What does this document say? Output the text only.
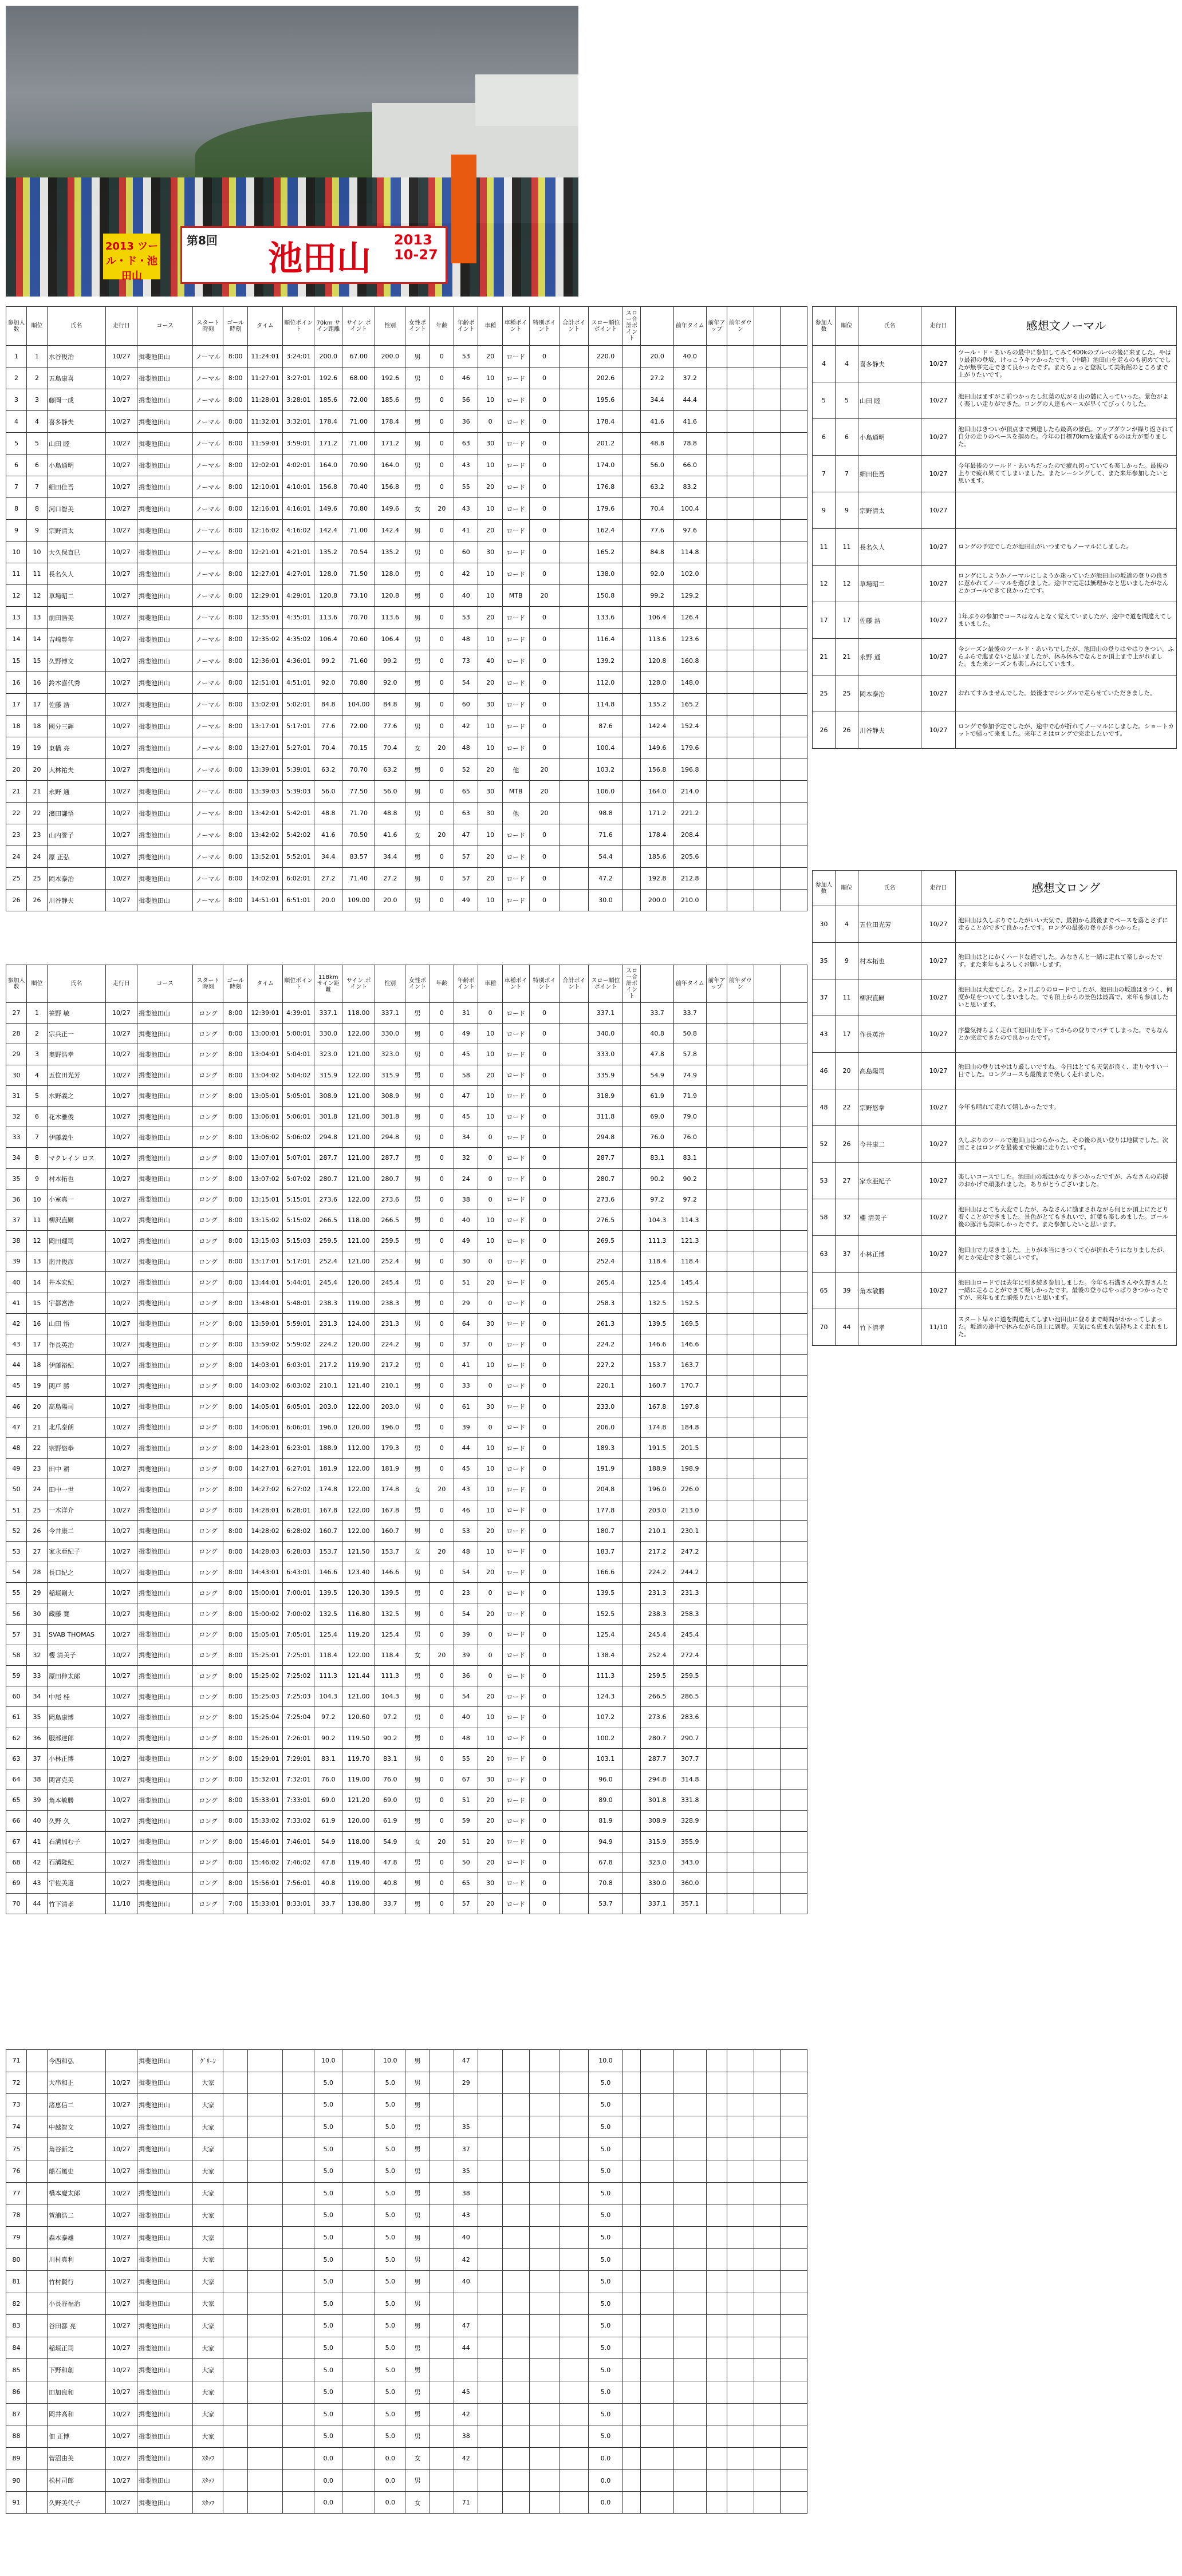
2013 ツール・ド・池田山
第8回 池田山 2013 10-27
参加人数	順位	氏名	走行日	コース	スタート時刻	ゴール時刻	タイム	順位ポイント	70km サイン距離	サイン ポイント	性別	女性ポイント	年齢	年齢ポイント	車種	車種ポイント	特別ポイント	合計ポイント	スロー順位ポイント	スロー合計ポイント		前年タイム	前年アップ	前年ダウン		
1	1	水谷俊治	10/27	揖斐池田山	ノーマル	8:00	11:24:01	3:24:01	200.0	67.00	200.0	男	0	53	20	ロード	0		220.0		20.0	40.0				
2	2	五島康喜	10/27	揖斐池田山	ノーマル	8:00	11:27:01	3:27:01	192.6	68.00	192.6	男	0	46	10	ロード	0		202.6		27.2	37.2				
3	3	藤岡一成	10/27	揖斐池田山	ノーマル	8:00	11:28:01	3:28:01	185.6	72.00	185.6	男	0	56	10	ロード	0		195.6		34.4	44.4				
4	4	喜多静夫	10/27	揖斐池田山	ノーマル	8:00	11:32:01	3:32:01	178.4	71.00	178.4	男	0	36	0	ロード	0		178.4		41.6	41.6				
5	5	山田 睦	10/27	揖斐池田山	ノーマル	8:00	11:59:01	3:59:01	171.2	71.00	171.2	男	0	63	30	ロード	0		201.2		48.8	78.8				
6	6	小島通明	10/27	揖斐池田山	ノーマル	8:00	12:02:01	4:02:01	164.0	70.90	164.0	男	0	43	10	ロード	0		174.0		56.0	66.0				
7	7	細田佳吾	10/27	揖斐池田山	ノーマル	8:00	12:10:01	4:10:01	156.8	70.40	156.8	男	0	55	20	ロード	0		176.8		63.2	83.2				
8	8	河口智美	10/27	揖斐池田山	ノーマル	8:00	12:16:01	4:16:01	149.6	70.80	149.6	女	20	43	10	ロード	0		179.6		70.4	100.4				
9	9	宗野清太	10/27	揖斐池田山	ノーマル	8:00	12:16:02	4:16:02	142.4	71.00	142.4	男	0	41	20	ロード	0		162.4		77.6	97.6				
10	10	大久保直巳	10/27	揖斐池田山	ノーマル	8:00	12:21:01	4:21:01	135.2	70.54	135.2	男	0	60	30	ロード	0		165.2		84.8	114.8				
11	11	長名久人	10/27	揖斐池田山	ノーマル	8:00	12:27:01	4:27:01	128.0	71.50	128.0	男	0	42	10	ロード	0		138.0		92.0	102.0				
12	12	草場昭二	10/27	揖斐池田山	ノーマル	8:00	12:29:01	4:29:01	120.8	73.10	120.8	男	0	40	10	MTB	20		150.8		99.2	129.2				
13	13	前田浩美	10/27	揖斐池田山	ノーマル	8:00	12:35:01	4:35:01	113.6	70.70	113.6	男	0	53	20	ロード	0		133.6		106.4	126.4				
14	14	吉崎豊年	10/27	揖斐池田山	ノーマル	8:00	12:35:02	4:35:02	106.4	70.60	106.4	男	0	48	10	ロード	0		116.4		113.6	123.6				
15	15	久野博文	10/27	揖斐池田山	ノーマル	8:00	12:36:01	4:36:01	99.2	71.60	99.2	男	0	73	40	ロード	0		139.2		120.8	160.8				
16	16	鈴木喜代秀	10/27	揖斐池田山	ノーマル	8:00	12:51:01	4:51:01	92.0	70.80	92.0	男	0	54	20	ロード	0		112.0		128.0	148.0				
17	17	佐藤 浩	10/27	揖斐池田山	ノーマル	8:00	13:02:01	5:02:01	84.8	104.00	84.8	男	0	60	30	ロード	0		114.8		135.2	165.2				
18	18	國分三輝	10/27	揖斐池田山	ノーマル	8:00	13:17:01	5:17:01	77.6	72.00	77.6	男	0	42	10	ロード	0		87.6		142.4	152.4				
19	19	東橋 亮	10/27	揖斐池田山	ノーマル	8:00	13:27:01	5:27:01	70.4	70.15	70.4	女	20	48	10	ロード	0		100.4		149.6	179.6				
20	20	大林祐夫	10/27	揖斐池田山	ノーマル	8:00	13:39:01	5:39:01	63.2	70.70	63.2	男	0	52	20	他	20		103.2		156.8	196.8				
21	21	永野 通	10/27	揖斐池田山	ノーマル	8:00	13:39:03	5:39:03	56.0	77.50	56.0	男	0	65	30	MTB	20		106.0		164.0	214.0				
22	22	濱田謙悟	10/27	揖斐池田山	ノーマル	8:00	13:42:01	5:42:01	48.8	71.70	48.8	男	0	63	30	他	20		98.8		171.2	221.2				
23	23	山内誉子	10/27	揖斐池田山	ノーマル	8:00	13:42:02	5:42:02	41.6	70.50	41.6	女	20	47	10	ロード	0		71.6		178.4	208.4				
24	24	原 正弘	10/27	揖斐池田山	ノーマル	8:00	13:52:01	5:52:01	34.4	83.57	34.4	男	0	57	20	ロード	0		54.4		185.6	205.6				
25	25	岡本泰治	10/27	揖斐池田山	ノーマル	8:00	14:02:01	6:02:01	27.2	71.40	27.2	男	0	57	20	ロード	0		47.2		192.8	212.8				
26	26	川谷静夫	10/27	揖斐池田山	ノーマル	8:00	14:51:01	6:51:01	20.0	109.00	20.0	男	0	49	10	ロード	0		30.0		200.0	210.0				
参加人数	順位	氏名	走行日	コース	スタート時刻	ゴール時刻	タイム	順位ポイント	118km サイン距離	サイン ポイント	性別	女性ポイント	年齢	年齢ポイント	車種	車種ポイント	特別ポイント	合計ポイント	スロー順位ポイント	スロー合計ポイント		前年タイム	前年アップ	前年ダウン		
27	1	笹野 敏	10/27	揖斐池田山	ロング	8:00	12:39:01	4:39:01	337.1	118.00	337.1	男	0	31	0	ロード	0		337.1		33.7	33.7				
28	2	宗兵正一	10/27	揖斐池田山	ロング	8:00	13:00:01	5:00:01	330.0	122.00	330.0	男	0	49	10	ロード	0		340.0		40.8	50.8				
29	3	奥野浩幸	10/27	揖斐池田山	ロング	8:00	13:04:01	5:04:01	323.0	121.00	323.0	男	0	45	10	ロード	0		333.0		47.8	57.8				
30	4	五位田光芳	10/27	揖斐池田山	ロング	8:00	13:04:02	5:04:02	315.9	122.00	315.9	男	0	58	20	ロード	0		335.9		54.9	74.9				
31	5	水野義之	10/27	揖斐池田山	ロング	8:00	13:05:01	5:05:01	308.9	121.00	308.9	男	0	47	10	ロード	0		318.9		61.9	71.9				
32	6	花木雅俊	10/27	揖斐池田山	ロング	8:00	13:06:01	5:06:01	301.8	121.00	301.8	男	0	45	10	ロード	0		311.8		69.0	79.0				
33	7	伊藤義生	10/27	揖斐池田山	ロング	8:00	13:06:02	5:06:02	294.8	121.00	294.8	男	0	34	0	ロード	0		294.8		76.0	76.0				
34	8	マクレイン ロス	10/27	揖斐池田山	ロング	8:00	13:07:01	5:07:01	287.7	121.00	287.7	男	0	32	0	ロード	0		287.7		83.1	83.1				
35	9	村本拓也	10/27	揖斐池田山	ロング	8:00	13:07:02	5:07:02	280.7	121.00	280.7	男	0	24	0	ロード	0		280.7		90.2	90.2				
36	10	小室真一	10/27	揖斐池田山	ロング	8:00	13:15:01	5:15:01	273.6	122.00	273.6	男	0	38	0	ロード	0		273.6		97.2	97.2				
37	11	柳沢直嗣	10/27	揖斐池田山	ロング	8:00	13:15:02	5:15:02	266.5	118.00	266.5	男	0	40	10	ロード	0		276.5		104.3	114.3				
38	12	岡田理司	10/27	揖斐池田山	ロング	8:00	13:15:03	5:15:03	259.5	121.00	259.5	男	0	49	10	ロード	0		269.5		111.3	121.3				
39	13	南井俊彦	10/27	揖斐池田山	ロング	8:00	13:17:01	5:17:01	252.4	121.00	252.4	男	0	30	0	ロード	0		252.4		118.4	118.4				
40	14	井本宏紀	10/27	揖斐池田山	ロング	8:00	13:44:01	5:44:01	245.4	120.00	245.4	男	0	51	20	ロード	0		265.4		125.4	145.4				
41	15	宇都宮浩	10/27	揖斐池田山	ロング	8:00	13:48:01	5:48:01	238.3	119.00	238.3	男	0	29	0	ロード	0		258.3		132.5	152.5				
42	16	山田 悟	10/27	揖斐池田山	ロング	8:00	13:59:01	5:59:01	231.3	124.00	231.3	男	0	64	30	ロード	0		261.3		139.5	169.5				
43	17	作長英治	10/27	揖斐池田山	ロング	8:00	13:59:02	5:59:02	224.2	120.00	224.2	男	0	37	0	ロード	0		224.2		146.6	146.6				
44	18	伊藤裕紀	10/27	揖斐池田山	ロング	8:00	14:03:01	6:03:01	217.2	119.90	217.2	男	0	41	10	ロード	0		227.2		153.7	163.7				
45	19	関戸 勝	10/27	揖斐池田山	ロング	8:00	14:03:02	6:03:02	210.1	121.40	210.1	男	0	33	0	ロード	0		220.1		160.7	170.7				
46	20	高島陽司	10/27	揖斐池田山	ロング	8:00	14:05:01	6:05:01	203.0	122.00	203.0	男	0	61	30	ロード	0		233.0		167.8	197.8				
47	21	北爪泰朗	10/27	揖斐池田山	ロング	8:00	14:06:01	6:06:01	196.0	120.00	196.0	男	0	39	0	ロード	0		206.0		174.8	184.8				
48	22	宗野悠拳	10/27	揖斐池田山	ロング	8:00	14:23:01	6:23:01	188.9	112.00	179.3	男	0	44	10	ロード	0		189.3		191.5	201.5				
49	23	田中 耕	10/27	揖斐池田山	ロング	8:00	14:27:01	6:27:01	181.9	122.00	181.9	男	0	45	10	ロード	0		191.9		188.9	198.9				
50	24	田中一世	10/27	揖斐池田山	ロング	8:00	14:27:02	6:27:02	174.8	122.00	174.8	女	20	43	10	ロード	0		204.8		196.0	226.0				
51	25	一木洋介	10/27	揖斐池田山	ロング	8:00	14:28:01	6:28:01	167.8	122.00	167.8	男	0	46	10	ロード	0		177.8		203.0	213.0				
52	26	今井康二	10/27	揖斐池田山	ロング	8:00	14:28:02	6:28:02	160.7	122.00	160.7	男	0	53	20	ロード	0		180.7		210.1	230.1				
53	27	家永亜紀子	10/27	揖斐池田山	ロング	8:00	14:28:03	6:28:03	153.7	121.50	153.7	女	20	48	10	ロード	0		183.7		217.2	247.2				
54	28	長口紀之	10/27	揖斐池田山	ロング	8:00	14:43:01	6:43:01	146.6	123.40	146.6	男	0	54	20	ロード	0		166.6		224.2	244.2				
55	29	稲垣剛大	10/27	揖斐池田山	ロング	8:00	15:00:01	7:00:01	139.5	120.30	139.5	男	0	23	0	ロード	0		139.5		231.3	231.3				
56	30	蔵藤 寛	10/27	揖斐池田山	ロング	8:00	15:00:02	7:00:02	132.5	116.80	132.5	男	0	54	20	ロード	0		152.5		238.3	258.3				
57	31	SVAB THOMAS	10/27	揖斐池田山	ロング	8:00	15:05:01	7:05:01	125.4	119.20	125.4	男	0	39	0	ロード	0		125.4		245.4	245.4				
58	32	櫻 清美子	10/27	揖斐池田山	ロング	8:00	15:25:01	7:25:01	118.4	122.00	118.4	女	20	39	0	ロード	0		138.4		252.4	272.4				
59	33	原田伸太郎	10/27	揖斐池田山	ロング	8:00	15:25:02	7:25:02	111.3	121.44	111.3	男	0	36	0	ロード	0		111.3		259.5	259.5				
60	34	中尾 桂	10/27	揖斐池田山	ロング	8:00	15:25:03	7:25:03	104.3	121.00	104.3	男	0	54	20	ロード	0		124.3		266.5	286.5				
61	35	岡島康博	10/27	揖斐池田山	ロング	8:00	15:25:04	7:25:04	97.2	120.60	97.2	男	0	40	10	ロード	0		107.2		273.6	283.6				
62	36	服部達郎	10/27	揖斐池田山	ロング	8:00	15:26:01	7:26:01	90.2	119.50	90.2	男	0	48	10	ロード	0		100.2		280.7	290.7				
63	37	小林正博	10/27	揖斐池田山	ロング	8:00	15:29:01	7:29:01	83.1	119.70	83.1	男	0	55	20	ロード	0		103.1		287.7	307.7				
64	38	関宮克美	10/27	揖斐池田山	ロング	8:00	15:32:01	7:32:01	76.0	119.00	76.0	男	0	67	30	ロード	0		96.0		294.8	314.8				
65	39	角本敏勝	10/27	揖斐池田山	ロング	8:00	15:33:01	7:33:01	69.0	121.20	69.0	男	0	51	20	ロード	0		89.0		301.8	331.8				
66	40	久野 久	10/27	揖斐池田山	ロング	8:00	15:33:02	7:33:02	61.9	120.00	61.9	男	0	59	20	ロード	0		81.9		308.9	328.9				
67	41	石溝加む子	10/27	揖斐池田山	ロング	8:00	15:46:01	7:46:01	54.9	118.00	54.9	女	20	51	20	ロード	0		94.9		315.9	355.9				
68	42	石溝隆紀	10/27	揖斐池田山	ロング	8:00	15:46:02	7:46:02	47.8	119.40	47.8	男	0	50	20	ロード	0		67.8		323.0	343.0				
69	43	宇佐美道	10/27	揖斐池田山	ロング	8:00	15:56:01	7:56:01	40.8	119.00	40.8	男	0	65	30	ロード	0		70.8		330.0	360.0				
70	44	竹下清孝	11/10	揖斐池田山	ロング	7:00	15:33:01	8:33:01	33.7	138.80	33.7	男	0	57	20	ロード	0		53.7		337.1	357.1				
71		今西和弘		揖斐池田山	ｸﾞﾘｰﾝ				10.0		10.0	男		47					10.0							
72		大串和正	10/27	揖斐池田山	大家				5.0		5.0	男		29					5.0							
73		渚恵信二	10/27	揖斐池田山	大家				5.0		5.0	男							5.0							
74		中越智文	10/27	揖斐池田山	大家				5.0		5.0	男		35					5.0							
75		角谷新之	10/27	揖斐池田山	大家				5.0		5.0	男		37					5.0							
76		船石篤史	10/27	揖斐池田山	大家				5.0		5.0	男		35					5.0							
77		橋本慶太郎	10/27	揖斐池田山	大家				5.0		5.0	男		38					5.0							
78		賀浦浩二	10/27	揖斐池田山	大家				5.0		5.0	男		43					5.0							
79		森本泰雄	10/27	揖斐池田山	大家				5.0		5.0	男		40					5.0							
80		川村真利	10/27	揖斐池田山	大家				5.0		5.0	男		42					5.0							
81		竹村賢行	10/27	揖斐池田山	大家				5.0		5.0	男		40					5.0							
82		小長谷福治	10/27	揖斐池田山	大家				5.0		5.0	男							5.0							
83		谷田都 亮	10/27	揖斐池田山	大家				5.0		5.0	男		47					5.0							
84		稲垣正司	10/27	揖斐池田山	大家				5.0		5.0	男		44					5.0							
85		下野和創	10/27	揖斐池田山	大家				5.0		5.0	男							5.0							
86		田加良和	10/27	揖斐池田山	大家				5.0		5.0	男		45					5.0							
87		岡井高和	10/27	揖斐池田山	大家				5.0		5.0	男		42					5.0							
88		佃 正博	10/27	揖斐池田山	大家				5.0		5.0	男		38					5.0							
89		菅沼由美	10/27	揖斐池田山	ｽﾀｯﾌ				0.0		0.0	女		42					0.0							
90		松村司郎	10/27	揖斐池田山	ｽﾀｯﾌ				0.0		0.0	男							0.0							
91		久野美代子	10/27	揖斐池田山	ｽﾀｯﾌ				0.0		0.0	女		71					0.0							
参加人数	順位	氏名	走行日	感想文ノーマル
4	4	喜多静夫	10/27	ツール・ド・あいちの最中に参加してみて400kのブルベの後に来ました。やはり最初の登坂、けっこうキツかったです。（中略）池田山を走るのも初めてでしたが無事完走できて良かったです。またちょっと登坂して美術館のところまで上がりたいです。
5	5	山田 睦	10/27	池田山はますがこ前つかったし紅葉の広がる山の麓に入っていった。景色がよく楽しい走りができた。ロングの人達もペースが早くてびっくりした。
6	6	小島通明	10/27	池田山はきついが頂点まで到達したら最高の景色。アップダウンが繰り返されて自分の走りのペースを掴めた。今年の目標70kmを達成するのは力が要りました。
7	7	細田佳吾	10/27	今年最後のツールド・あいちだったので疲れ切っていても楽しかった。最後の上りで疲れ果ててしまいました。またレーシングして、また来年参加したいと思います。
9	9	宗野清太	10/27	
11	11	長名久人	10/27	ロングの予定でしたが池田山がいつまでもノーマルにしました。
12	12	草場昭二	10/27	ロングにしようかノーマルにしようか迷っていたが池田山の坂道の登りの良さに惹かれてノーマルを選びました。途中で完走は無理かなと思いましたがなんとかゴールできて良かったです。
17	17	佐藤 浩	10/27	1年ぶりの参加でコースはなんとなく覚えていましたが、途中で道を間違えてしまいました。
21	21	永野 通	10/27	今シーズン最後のツールド・あいちでしたが、池田山の登りはやはりきつい。ふらふらで進まないと思いましたが、休み休みでなんとか頂上まで上がれました。また来シーズンも楽しみにしています。
25	25	岡本泰治	10/27	おれてすみませんでした。最後までシングルで走らせていただきました。
26	26	川谷静夫	10/27	ロングで参加予定でしたが、途中で心が折れてノーマルにしました。ショートカットで帰って来ました。来年こそはロングで完走したいです。
参加人数	順位	氏名	走行日	感想文ロング
30	4	五位田光芳	10/27	池田山は久しぶりでしたがいい天気で、最初から最後までペースを落とさずに走ることができて良かったです。ロングの最後の登りがきつかった。
35	9	村本拓也	10/27	池田山はとにかくハードな道でした。みなさんと一緒に走れて楽しかったです。また来年もよろしくお願いします。
37	11	柳沢直嗣	10/27	池田山は大変でした。2ヶ月ぶりのロードでしたが、池田山の坂道はきつく、何度か足をついてしまいました。でも頂上からの景色は最高で、来年も参加したいと思います。
43	17	作長英治	10/27	序盤気持ちよく走れて池田山を下ってからの登りでバテてしまった。でもなんとか完走できたので良かったです。
46	20	高島陽司	10/27	池田山の登りはやはり厳しいですね。今日はとても天気が良く、走りやすい一日でした。ロングコースも最後まで楽しく走れました。
48	22	宗野悠拳	10/27	今年も晴れて走れて嬉しかったです。
52	26	今井康二	10/27	久しぶりのツールで池田山はつらかった。その後の長い登りは地獄でした。次回こそはロングを最後まで快適に走りたいです。
53	27	家永亜紀子	10/27	楽しいコースでした。池田山の坂はかなりきつかったですが、みなさんの応援のおかげで頑張れました。ありがとうございました。
58	32	櫻 清美子	10/27	池田山はとても大変でしたが、みなさんに励まされながら何とか頂上にたどり着くことができました。景色がとてもきれいで、紅葉も楽しめました。ゴール後の豚汁も美味しかったです。また参加したいと思います。
63	37	小林正博	10/27	池田山で力尽きました。上りが本当にきつくて心が折れそうになりましたが、何とか完走できて嬉しいです。
65	39	角本敏勝	10/27	池田山ロードでは去年に引き続き参加しました。今年も石溝さんや久野さんと一緒に走ることができて楽しかったです。最後の登りはやっぱりきつかったですが、来年もまた頑張りたいと思います。
70	44	竹下清孝	11/10	スタート早々に道を間違えてしまい池田山に登るまで時間がかかってしまった。坂道の途中で休みながら頂上に到着。天気にも恵まれ気持ちよく走れました。
